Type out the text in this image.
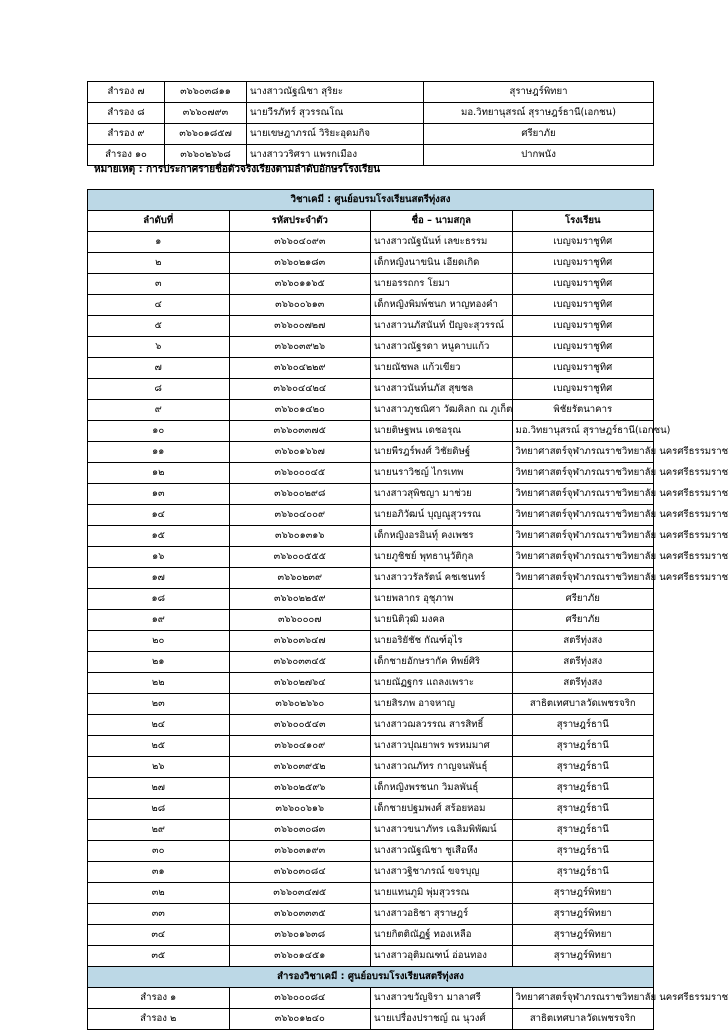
สำรอง ๗	๓๖๖๐๓๘๑๑	นางสาวณัฐณิชา สุริยะ	สุราษฎร์พิทยา
สำรอง ๘	๓๖๖๐๗๙๓	นายวีรภัทร์ สุวรรณโณ	มอ.วิทยานุสรณ์ สุราษฎร์ธานี(เอกชน)
สำรอง ๙	๓๖๖๐๑๘๕๗	นายเขษฎาภรณ์ วิริยะอุดมกิจ	ศรียาภัย
สำรอง ๑๐	๓๖๖๐๒๖๖๘	นางสาววริศรา แพรกเมือง	ปากพนัง
หมายเหตุ : การประกาศรายชื่อตัวจริงเรียงตามลำดับอักษรโรงเรียน
วิชาเคมี : ศูนย์อบรมโรงเรียนสตรีทุ่งสง			
ลำดับที่	รหัสประจำตัว	ชื่อ – นามสกุล	โรงเรียน
๑	๓๖๖๐๔๐๙๓	นางสาวณัฐนันท์ เลขะธรรม	เบญจมราชูทิศ
๒	๓๖๖๐๒๑๘๓	เด็กหญิงนาขนิน เอียดเกิด	เบญจมราชูทิศ
๓	๓๖๖๐๑๑๖๕	นายอรรถกร โยมา	เบญจมราชูทิศ
๔	๓๖๖๐๐๖๑๓	เด็กหญิงพิมพ์ชนก หาญทองคำ	เบญจมราชูทิศ
๕	๓๖๖๐๐๗๒๗	นางสาวนภัสนันท์ ปัญจะสุวรรณ์	เบญจมราชูทิศ
๖	๓๖๖๐๓๙๒๖	นางสาวณัฐรดา หนูคาบแก้ว	เบญจมราชูทิศ
๗	๓๖๖๐๔๒๒๙	นายณัชพล แก้วเขียว	เบญจมราชูทิศ
๘	๓๖๖๐๔๔๒๔	นางสาวนันท์นภัส สุขชล	เบญจมราชูทิศ
๙	๓๖๖๐๑๔๒๐	นางสาวภูชณิศา วัฒคิลก ณ ภูเก็ต	พิชัยรัตนาคาร
๑๐	๓๖๖๐๓๓๗๕	นายติษฐพน เดชอรุณ	มอ.วิทยานุสรณ์ สุราษฎร์ธานี(เอกชน)
๑๑	๓๖๖๐๑๖๖๗	นายพีรฎร์พงศ์ วิชัยดิษฐ์	วิทยาศาสตร์จุฬาภรณราชวิทยาลัย นครศรีธรรมราช
๑๒	๓๖๖๐๐๐๔๕	นายนราวิชญ์ ไกรเทพ	วิทยาศาสตร์จุฬาภรณราชวิทยาลัย นครศรีธรรมราช
๑๓	๓๖๖๐๐๒๙๘	นางสาวสุพิชญา มาช่วย	วิทยาศาสตร์จุฬาภรณราชวิทยาลัย นครศรีธรรมราช
๑๔	๓๖๖๐๔๐๐๙	นายอภิวัฒน์ บุญณูสุวรรณ	วิทยาศาสตร์จุฬาภรณราชวิทยาลัย นครศรีธรรมราช
๑๕	๓๖๖๐๑๓๑๖	เด็กหญิงอรอินทุ์ คงเพชร	วิทยาศาสตร์จุฬาภรณราชวิทยาลัย นครศรีธรรมราช
๑๖	๓๖๖๐๐๕๕๕	นายภูชิชย์ พุทธานุวัติกุล	วิทยาศาสตร์จุฬาภรณราชวิทยาลัย นครศรีธรรมราช
๑๗	๓๖๖๐๒๓๙	นางสาววรัลรัตน์ คชเชนทร์	วิทยาศาสตร์จุฬาภรณราชวิทยาลัย นครศรีธรรมราช
๑๘	๓๖๖๐๒๒๕๙	นายพลากร อุชุภาพ	ศรียาภัย
๑๙	๓๖๖๐๐๐๗	นายนิติวุฒิ มงคล	ศรียาภัย
๒๐	๓๖๖๐๓๖๔๗	นายอริยัชัช กัณฑ์อุไร	สตรีทุ่งสง
๒๑	๓๖๖๐๓๓๔๕	เด็กชายอักษรากัค ทิพย์ศิริ	สตรีทุ่งสง
๒๒	๓๖๖๐๒๗๖๔	นายณัฏฐกร แถลงเพราะ	สตรีทุ่งสง
๒๓	๓๖๖๐๒๖๖๐	นายสิรภพ อาจหาญ	สาธิตเทศบาลวัดเพชรจริก
๒๔	๓๖๖๐๐๕๔๓	นางสาวฌลวรรณ สารสิทธิ์	สุราษฎร์ธานี
๒๕	๓๖๖๐๔๑๐๙	นางสาวปุณยาพร พรหมมาศ	สุราษฎร์ธานี
๒๖	๓๖๖๐๓๙๕๒	นางสาวณภัทร กาญจนพันธุ์	สุราษฎร์ธานี
๒๗	๓๖๖๐๒๕๙๖	เด็กหญิงพรชนก วิมลพันธุ์	สุราษฎร์ธานี
๒๘	๓๖๖๐๐๖๑๖	เด็กชายปฐมพงศ์ สร้อยหอม	สุราษฎร์ธานี
๒๙	๓๖๖๐๓๐๘๓	นางสาวขนาภัทร เฉลิมพิพัฒน์	สุราษฎร์ธานี
๓๐	๓๖๖๐๓๑๙๓	นางสาวณัฐณิชา ชูเสือหึง	สุราษฎร์ธานี
๓๑	๓๖๖๐๓๐๘๔	นางสาวฐิชาภรณ์ ขจรบุญ	สุราษฎร์ธานี
๓๒	๓๖๖๐๓๔๗๕	นายแทนภูมิ พุ่มสุวรรณ	สุราษฎร์พิทยา
๓๓	๓๖๖๐๓๓๓๕	นางสาวอธิชา สุราษฎร์	สุราษฎร์พิทยา
๓๔	๓๖๖๐๑๖๓๘	นายกิตติณัฏฐ์ ทองเหลือ	สุราษฎร์พิทยา
๓๕	๓๖๖๐๑๔๕๑	นางสาวอุติมณฑน์ อ่อนทอง	สุราษฎร์พิทยา
สำรองวิชาเคมี : ศูนย์อบรมโรงเรียนสตรีทุ่งสง			
สำรอง ๑	๓๖๖๐๐๐๘๔	นางสาวขวัญจิรา มาลาศรี	วิทยาศาสตร์จุฬาภรณราชวิทยาลัย นครศรีธรรมราช
สำรอง ๒	๓๖๖๐๑๒๔๐	นายเปรื่องปราชญ์ ณ นุวงศ์	สาธิตเทศบาลวัดเพชรจริก
